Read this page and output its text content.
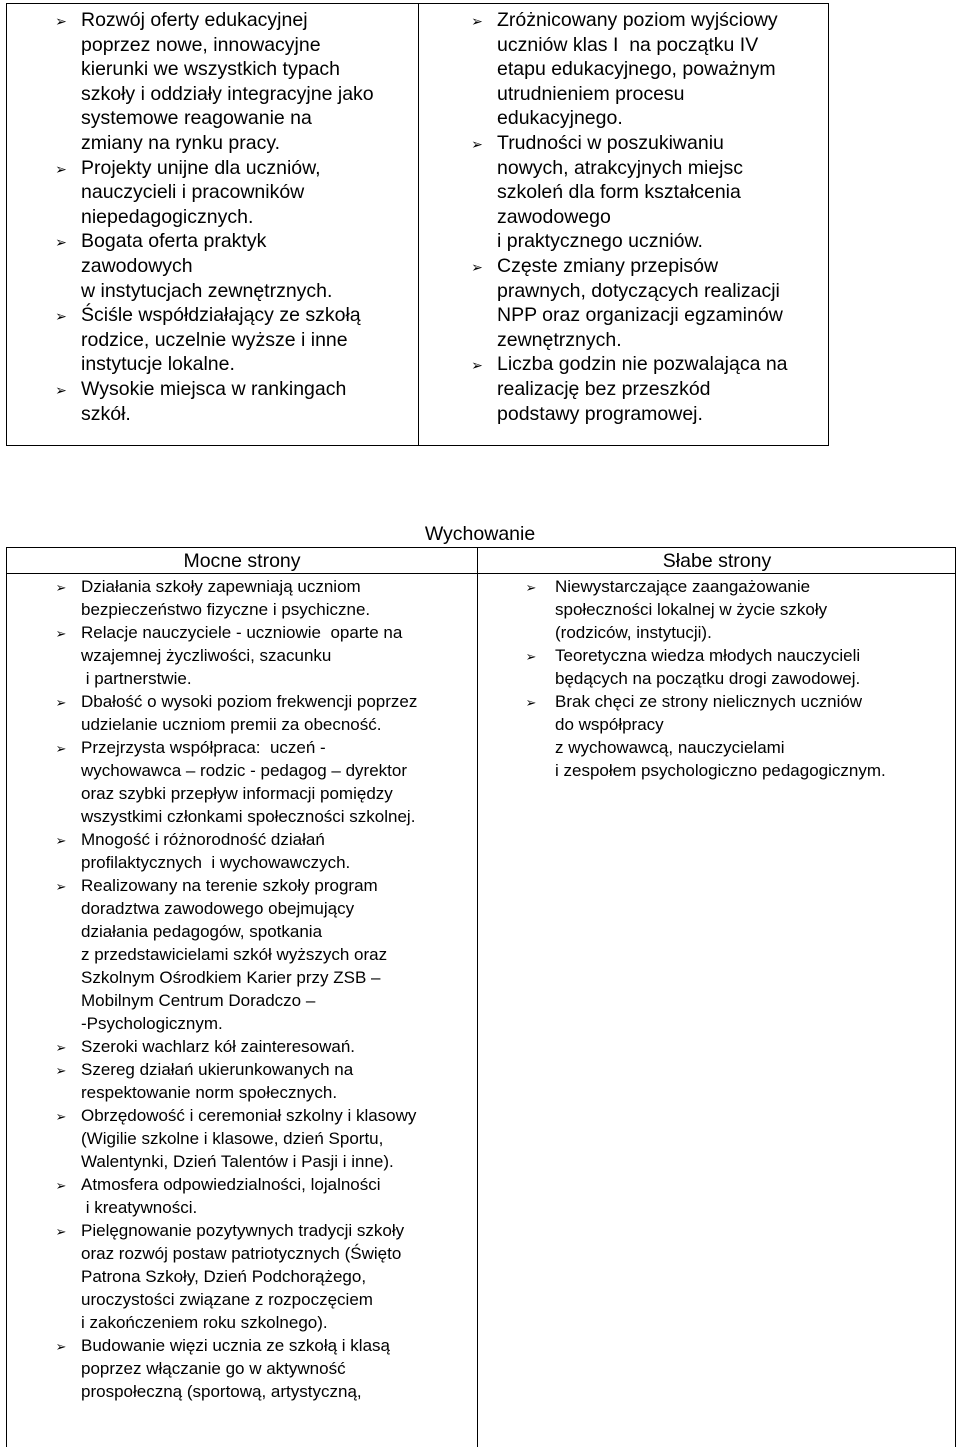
➢ Rozwój oferty edukacyjnej
poprzez nowe, innowacyjne
kierunki we wszystkich typach
szkoły i oddziały integracyjne jako
systemowe reagowanie na
zmiany na rynku pracy.
➢ Projekty unijne dla uczniów,
nauczycieli i pracowników
niepedagogicznych.
➢ Bogata oferta praktyk
zawodowych
w instytucjach zewnętrznych.
➢ Ściśle współdziałający ze szkołą
rodzice, uczelnie wyższe i inne
instytucje lokalne.
➢ Wysokie miejsca w rankingach
szkół.
➢ Zróżnicowany poziom wyjściowy
uczniów klas I  na początku IV
etapu edukacyjnego, poważnym
utrudnieniem procesu
edukacyjnego.
➢ Trudności w poszukiwaniu
nowych, atrakcyjnych miejsc
szkoleń dla form kształcenia
zawodowego
i praktycznego uczniów.
➢ Częste zmiany przepisów
prawnych, dotyczących realizacji
NPP oraz organizacji egzaminów
zewnętrznych.
➢ Liczba godzin nie pozwalająca na
realizację bez przeszkód
podstawy programowej.
Wychowanie
Mocne strony	Słabe strony
➢ Działania szkoły zapewniają uczniom
bezpieczeństwo fizyczne i psychiczne.
➢ Relacje nauczyciele - uczniowie  oparte na
wzajemnej życzliwości, szacunku
i partnerstwie.
➢ Dbałość o wysoki poziom frekwencji poprzez
udzielanie uczniom premii za obecność.
➢ Przejrzysta współpraca:  uczeń -
wychowawca – rodzic - pedagog – dyrektor
oraz szybki przepływ informacji pomiędzy
wszystkimi członkami społeczności szkolnej.
➢ Mnogość i różnorodność działań
profilaktycznych  i wychowawczych.
➢ Realizowany na terenie szkoły program
doradztwa zawodowego obejmujący
działania pedagogów, spotkania
z przedstawicielami szkół wyższych oraz
Szkolnym Ośrodkiem Karier przy ZSB –
Mobilnym Centrum Doradczo –
-Psychologicznym.
➢ Szeroki wachlarz kół zainteresowań.
➢ Szereg działań ukierunkowanych na
respektowanie norm społecznych.
➢ Obrzędowość i ceremoniał szkolny i klasowy
(Wigilie szkolne i klasowe, dzień Sportu,
Walentynki, Dzień Talentów i Pasji i inne).
➢ Atmosfera odpowiedzialności, lojalności
i kreatywności.
➢ Pielęgnowanie pozytywnych tradycji szkoły
oraz rozwój postaw patriotycznych (Święto
Patrona Szkoły, Dzień Podchorążego,
uroczystości związane z rozpoczęciem
i zakończeniem roku szkolnego).
➢ Budowanie więzi ucznia ze szkołą i klasą
poprzez włączanie go w aktywność
prospołeczną (sportową, artystyczną,
➢ Niewystarczające zaangażowanie
społeczności lokalnej w życie szkoły
(rodziców, instytucji).
➢ Teoretyczna wiedza młodych nauczycieli
będących na początku drogi zawodowej.
➢ Brak chęci ze strony nielicznych uczniów
do współpracy
z wychowawcą, nauczycielami
i zespołem psychologiczno pedagogicznym.
